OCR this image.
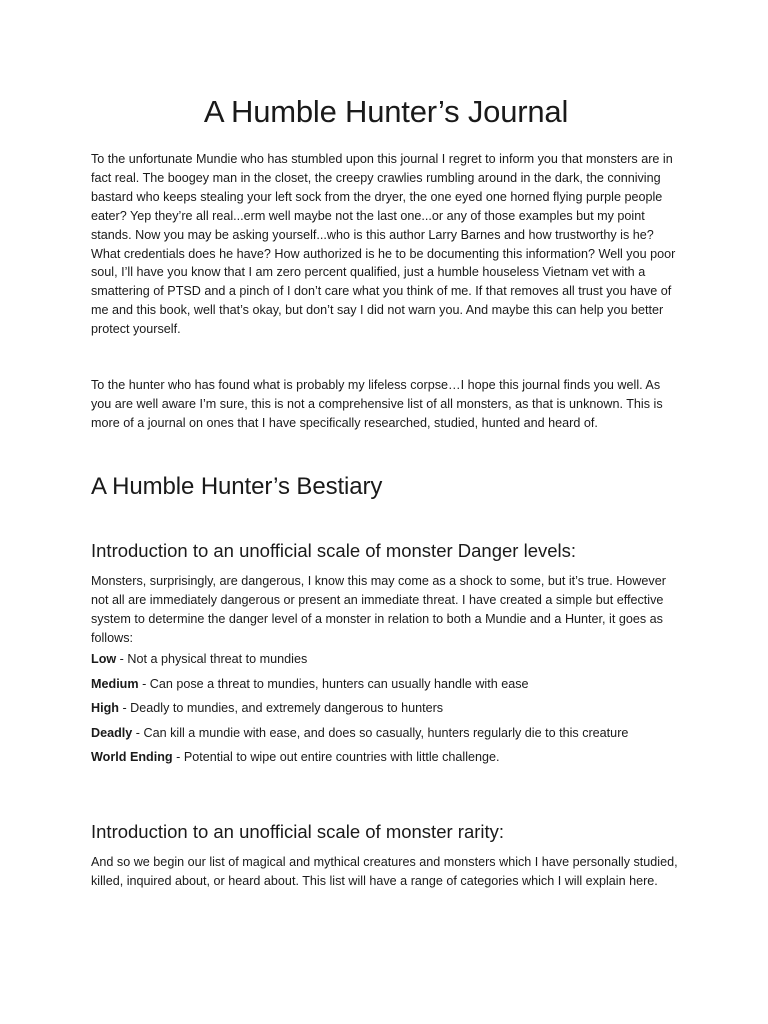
A Humble Hunter’s Journal

To the unfortunate Mundie who has stumbled upon this journal I regret to inform you that monsters are in fact real. The boogey man in the closet, the creepy crawlies rumbling around in the dark, the conniving bastard who keeps stealing your left sock from the dryer, the one eyed one horned flying purple people eater? Yep they’re all real...erm well maybe not the last one...or any of those examples but my point stands. Now you may be asking yourself...who is this author Larry Barnes and how trustworthy is he? What credentials does he have? How authorized is he to be documenting this information? Well you poor soul, I’ll have you know that I am zero percent qualified, just a humble houseless Vietnam vet with a smattering of PTSD and a pinch of I don’t care what you think of me. If that removes all trust you have of me and this book, well that’s okay, but don’t say I did not warn you. And maybe this can help you better protect yourself.

To the hunter who has found what is probably my lifeless corpse…I hope this journal finds you well. As you are well aware I’m sure, this is not a comprehensive list of all monsters, as that is unknown. This is more of a journal on ones that I have specifically researched, studied, hunted and heard of.

A Humble Hunter’s Bestiary
Introduction to an unofficial scale of monster Danger levels:

Monsters, surprisingly, are dangerous, I know this may come as a shock to some, but it’s true. However not all are immediately dangerous or present an immediate threat. I have created a simple but effective system to determine the danger level of a monster in relation to both a Mundie and a Hunter, it goes as follows:

Low - Not a physical threat to mundies
Medium - Can pose a threat to mundies, hunters can usually handle with ease
High - Deadly to mundies, and extremely dangerous to hunters
Deadly - Can kill a mundie with ease, and does so casually, hunters regularly die to this creature
World Ending - Potential to wipe out entire countries with little challenge.
Introduction to an unofficial scale of monster rarity:

And so we begin our list of magical and mythical creatures and monsters which I have personally studied, killed, inquired about, or heard about. This list will have a range of categories which I will explain here.
